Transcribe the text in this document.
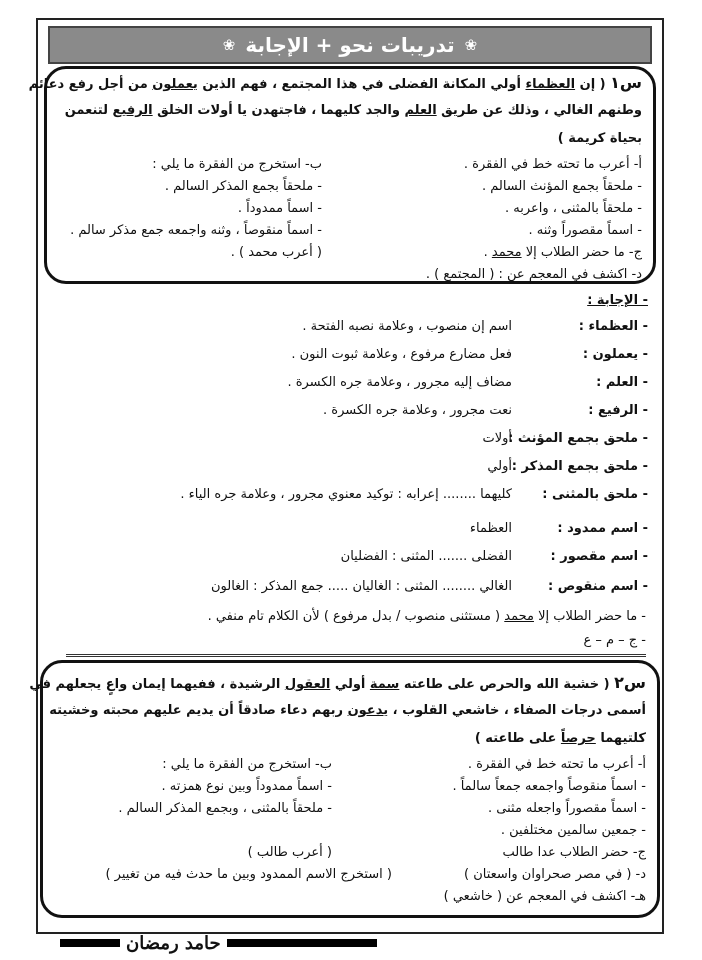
❀
تدريبات نحو + الإجابة
❀
س١ ( إن العظماء أولي المكانة الفضلى في هذا المجتمع ، فهم الذين يعملون من أجل رفع دعائم
وطنهم الغالي ، وذلك عن طريق العلم والجد كليهما ، فاجتهدن يا أولات الخلق الرفيع لتنعمن
بحياة كريمة )
أ- أعرب ما تحته خط في الفقرة .
- ملحقاً بجمع المؤنث السالم .
- ملحقاً بالمثنى ، واعربه .
- اسماً مقصوراً وثنه .
ب- استخرج من الفقرة ما يلي :
- ملحقاً بجمع المذكر السالم .
- اسماً ممدوداً .
- اسماً منقوصاً ، وثنه واجمعه جمع مذكر سالم .
ج- ما حضر الطلاب إلا محمد .
( أعرب محمد ) .
د- اكشف في المعجم عن : ( المجتمع ) .
- الإجابة :
- العظماء :
اسم إن منصوب ، وعلامة نصبه الفتحة .
- يعملون :
فعل مضارع مرفوع ، وعلامة ثبوت النون .
- العلم :
مضاف إليه مجرور ، وعلامة جره الكسرة .
- الرفيع :
نعت مجرور ، وعلامة جره الكسرة .
- ملحق بجمع المؤنث :
أولات
- ملحق بجمع المذكر :
أولي
- ملحق بالمثنى :
كليهما ........ إعرابه : توكيد معنوي مجرور ، وعلامة جره الياء .
- اسم ممدود :
العظماء
- اسم مقصور :
الفضلى ....... المثنى : الفضليان
- اسم منقوص :
الغالي ........ المثنى : الغاليان ..... جمع المذكر : الغالون
- ما حضر الطلاب إلا محمد ( مستثنى منصوب / بدل مرفوع ) لأن الكلام تام منفي .
- ج – م – ع
س٢ ( خشية الله والحرص على طاعته سمة أولي العقول الرشيدة ، ففيهما إيمان واعٍ يجعلهم في
أسمى درجات الصفاء ، خاشعي القلوب ، يدعون ربهم دعاء صادقاً أن يديم عليهم محبته وخشيته
كلتيهما حرصاً على طاعته )
أ- أعرب ما تحته خط في الفقرة .
- اسماً منقوصاً واجمعه جمعاً سالماً .
- اسماً مقصوراً واجعله مثنى .
- جمعين سالمين مختلفين .
ب- استخرج من الفقرة ما يلي :
- اسماً ممدوداً وبين نوع همزته .
- ملحقاً بالمثنى ، وبجمع المذكر السالم .
ج- حضر الطلاب عدا طالب
( أعرب طالب )
د- ( في مصر صحراوان واسعتان )
( استخرج الاسم الممدود وبين ما حدث فيه من تغيير )
هـ- اكشف في المعجم عن ( خاشعي )
حامد رمضان
